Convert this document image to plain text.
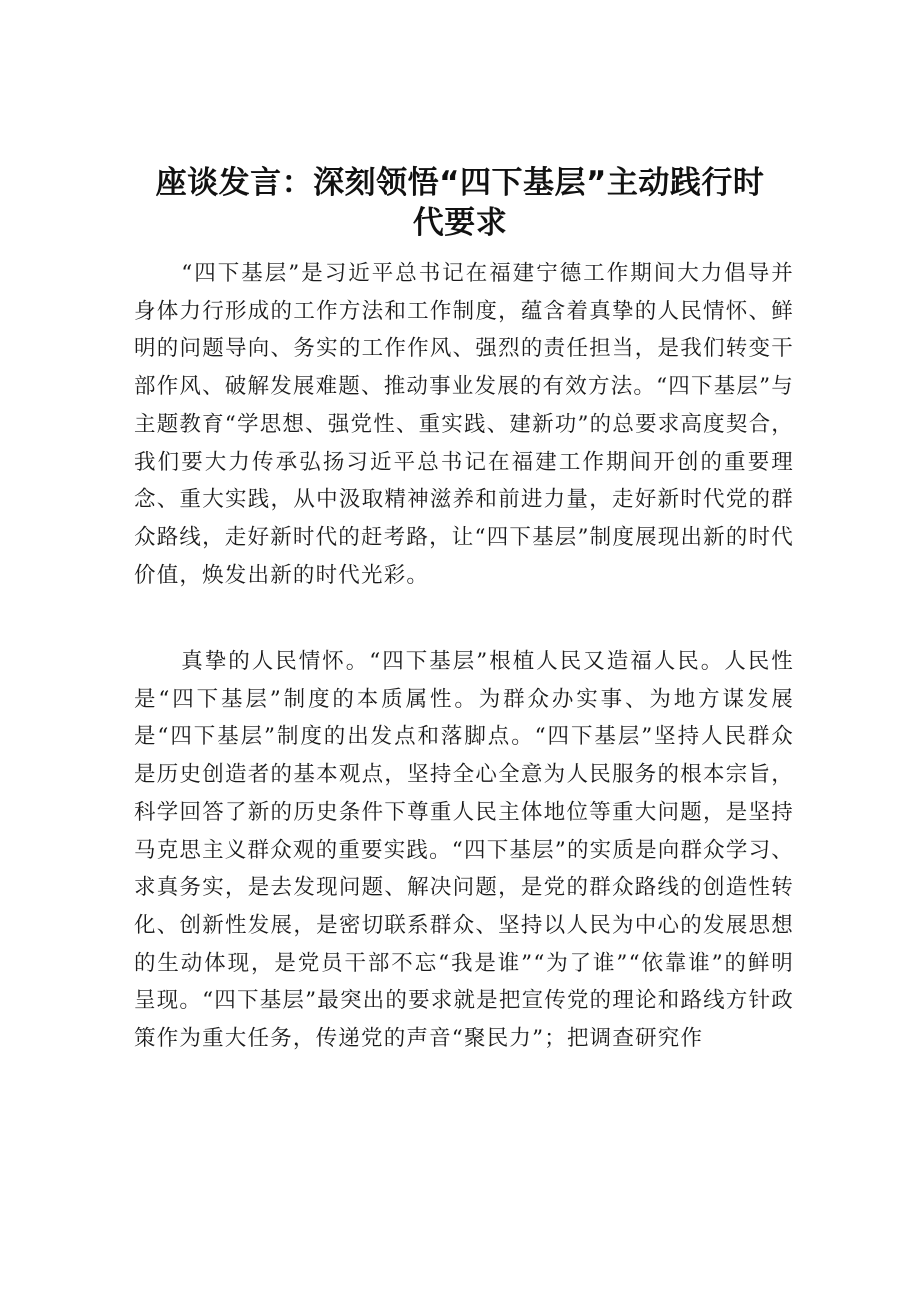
座谈发言：深刻领悟“四下基层”主动践行时代要求

“四下基层”是习近平总书记在福建宁德工作期间大力倡导并身体力行形成的工作方法和工作制度，蕴含着真挚的人民情怀、鲜明的问题导向、务实的工作作风、强烈的责任担当，是我们转变干部作风、破解发展难题、推动事业发展的有效方法。“四下基层”与主题教育“学思想、强党性、重实践、建新功”的总要求高度契合，我们要大力传承弘扬习近平总书记在福建工作期间开创的重要理念、重大实践，从中汲取精神滋养和前进力量，走好新时代党的群众路线，走好新时代的赶考路，让“四下基层”制度展现出新的时代价值，焕发出新的时代光彩。

真挚的人民情怀。“四下基层”根植人民又造福人民。人民性是“四下基层”制度的本质属性。为群众办实事、为地方谋发展是“四下基层”制度的出发点和落脚点。“四下基层”坚持人民群众是历史创造者的基本观点，坚持全心全意为人民服务的根本宗旨，科学回答了新的历史条件下尊重人民主体地位等重大问题，是坚持马克思主义群众观的重要实践。“四下基层”的实质是向群众学习、求真务实，是去发现问题、解决问题，是党的群众路线的创造性转化、创新性发展，是密切联系群众、坚持以人民为中心的发展思想的生动体现，是党员干部不忘“我是谁”“为了谁”“依靠谁”的鲜明呈现。“四下基层”最突出的要求就是把宣传党的理论和路线方针政策作为重大任务，传递党的声音“聚民力”；把调查研究作
